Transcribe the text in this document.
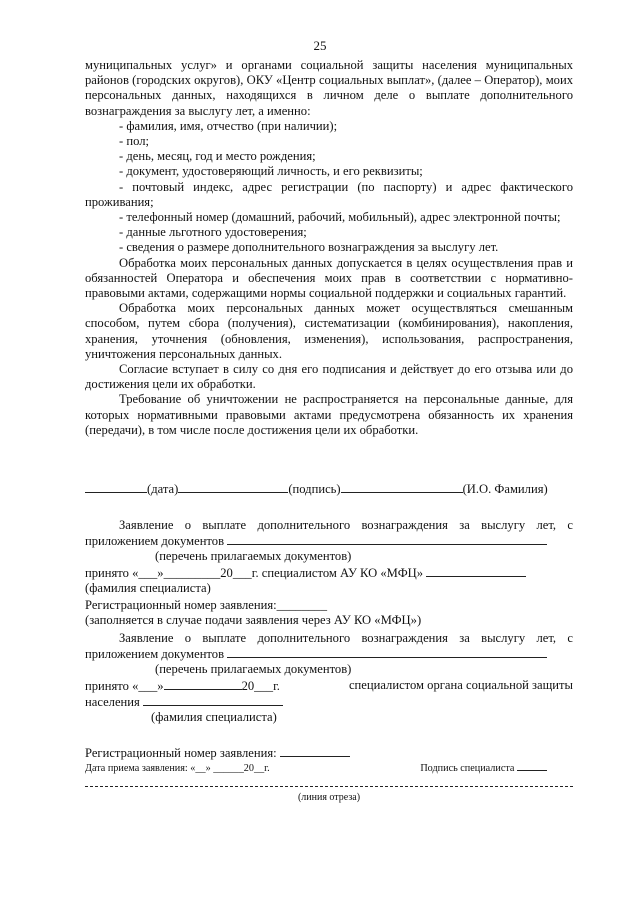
25

муниципальных услуг» и органами социальной защиты населения муниципальных районов (городских округов), ОКУ «Центр социальных выплат», (далее – Оператор), моих персональных данных, находящихся в личном деле о выплате дополнительного вознаграждения за выслугу лет, а именно:

- фамилия, имя, отчество (при наличии);

- пол;

- день, месяц, год и место рождения;

- документ, удостоверяющий личность, и его реквизиты;

- почтовый индекс, адрес регистрации (по паспорту) и адрес фактического проживания;

- телефонный номер (домашний, рабочий, мобильный), адрес электронной почты;

- данные льготного удостоверения;

- сведения о размере дополнительного вознаграждения за выслугу лет.

Обработка моих персональных данных допускается в целях осуществления прав и обязанностей Оператора и обеспечения моих прав в соответствии с нормативно-правовыми актами, содержащими нормы социальной поддержки и социальных гарантий.

Обработка моих персональных данных может осуществляться смешанным способом, путем сбора (получения), систематизации (комбинирования), накопления, хранения, уточнения (обновления, изменения), использования, распространения, уничтожения персональных данных.

Согласие вступает в силу со дня его подписания и действует до его отзыва или до достижения цели их обработки.

Требование об уничтожении не распространяется на персональные данные, для которых нормативными правовыми актами предусмотрена обязанность их хранения (передачи), в том числе после достижения цели их обработки.

(дата)	(подпись)	(И.О. Фамилия)

Заявление о выплате дополнительного вознаграждения за выслугу лет, с приложением документов

(перечень прилагаемых документов)

принято «___»_________20___г. специалистом АУ КО «МФЦ»

(фамилия специалиста)

Регистрационный номер заявления:________

(заполняется в случае подачи заявления через АУ КО «МФЦ»)

Заявление о выплате дополнительного вознаграждения за выслугу лет, с приложением документов

(перечень прилагаемых документов)

принято «___»	20___г.	специалистом органа социальной защиты

населения

(фамилия специалиста)

Регистрационный номер заявления:

Дата приема заявления: «__» ______20__г.	Подпись специалиста

(линия отреза)
